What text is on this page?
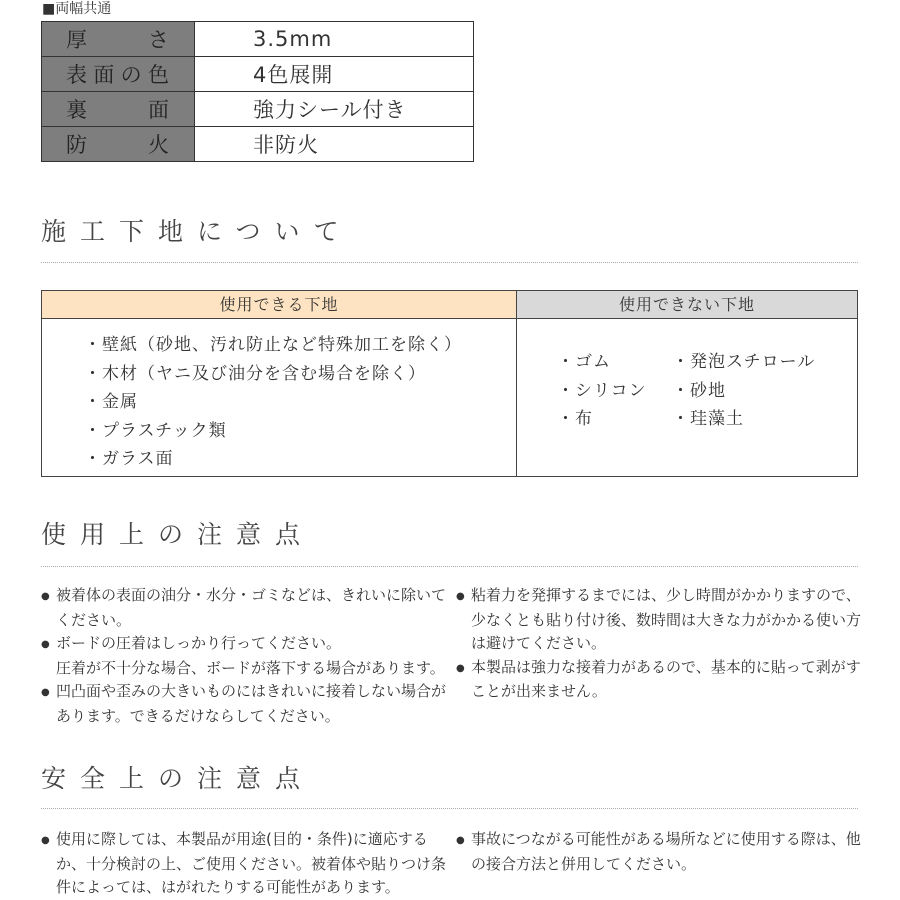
■両幅共通
厚さ	3.5mm

表面の色	4色展開

裏面	強力シール付き

防火	非防火
施工下地について
使用できる下地
・壁紙（砂地、汚れ防止など特殊加工を除く）
・木材（ヤニ及び油分を含む場合を除く）
・金属
・プラスチック類
・ガラス面
使用できない下地
・ゴム	・発泡スチロール
・シリコン	・砂地
・布	・珪藻土
使用上の注意点
● 被着体の表面の油分・水分・ゴミなどは、きれいに除いてください。
● ボードの圧着はしっかり行ってください。
圧着が不十分な場合、ボードが落下する場合があります。
● 凹凸面や歪みの大きいものにはきれいに接着しない場合があります。できるだけならしてください。
● 粘着力を発揮するまでには、少し時間がかかりますので、少なくとも貼り付け後、数時間は大きな力がかかる使い方は避けてください。
● 本製品は強力な接着力があるので、基本的に貼って剥がすことが出来ません。
安全上の注意点
● 使用に際しては、本製品が用途(目的・条件)に適応するか、十分検討の上、ご使用ください。被着体や貼りつけ条件によっては、はがれたりする可能性があります。
● 事故につながる可能性がある場所などに使用する際は、他の接合方法と併用してください。
